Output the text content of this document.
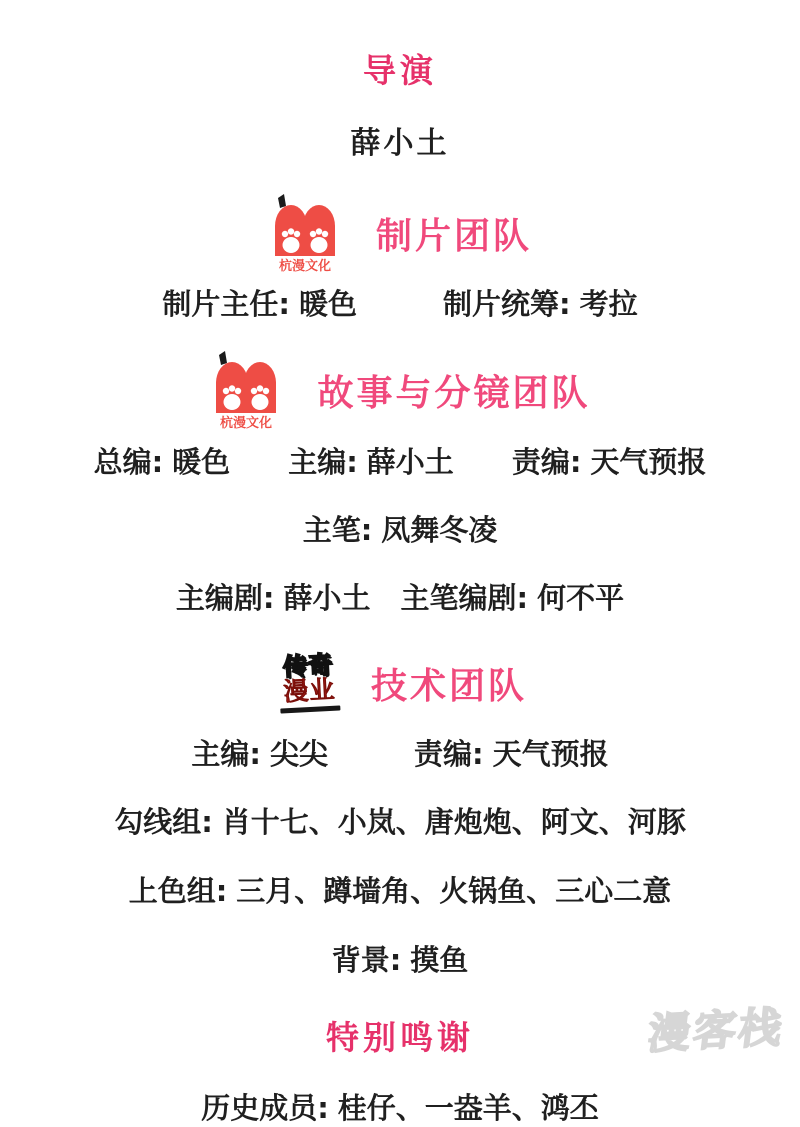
导演
薛小土
杭漫文化
制片团队
制片主任: 暖色	制片统筹: 考拉
杭漫文化
故事与分镜团队
总编: 暖色 主编: 薛小土 责编: 天气预报
主笔: 凤舞冬凌
主编剧: 薛小土 主笔编剧: 何不平
传奇
漫业 技术团队
主编: 尖尖	责编: 天气预报
勾线组: 肖十七、小岚、唐炮炮、阿文、河豚
上色组: 三月、蹲墙角、火锅鱼、三心二意
背景: 摸鱼
特别鸣谢
历史成员: 桂仔、一盎羊、鸿丕
漫客栈
